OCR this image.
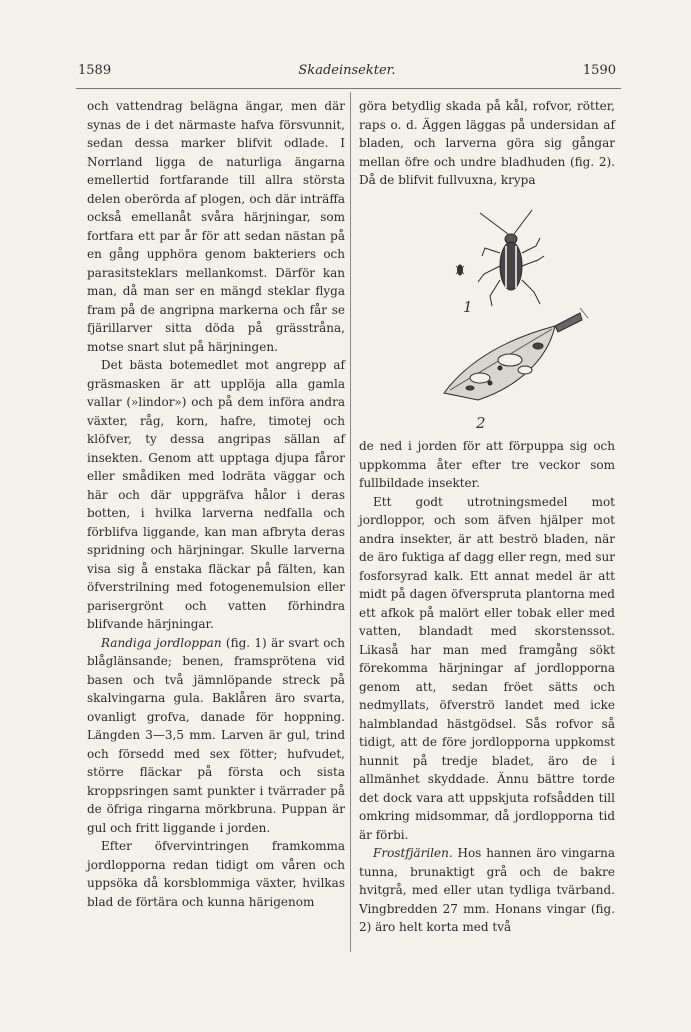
1589	Skadeinsekter.	1590

och vattendrag belägna ängar, men där synas de i det närmaste hafva försvunnit, sedan dessa marker blifvit odlade. I Norrland ligga de naturliga ängarna emellertid fortfarande till allra största delen oberörda af plogen, och där inträffa också emellanåt svåra härjningar, som fortfara ett par år för att sedan nästan på en gång upphöra genom bakteriers och parasitsteklars mellankomst. Därför kan man, då man ser en mängd steklar flyga fram på de angripna markerna och får se fjärillarver sitta döda på grässtråna, motse snart slut på härjningen.

Det bästa botemedlet mot angrepp af gräsmasken är att upplöja alla gamla vallar (»lindor») och på dem införa andra växter, råg, korn, hafre, timotej och klöfver, ty dessa angripas sällan af insekten. Genom att upptaga djupa fåror eller smådiken med lodräta väggar och här och där uppgräfva hålor i deras botten, i hvilka larverna nedfalla och förblifva liggande, kan man afbryta deras spridning och härjningar. Skulle larverna visa sig å enstaka fläckar på fälten, kan öfverstrilning med fotogenemulsion eller parisergrönt och vatten förhindra blifvande härjningar.

Randiga jordloppan (fig. 1) är svart och blåglänsande; benen, framsprötena vid basen och två jämnlöpande streck på skalvingarna gula. Baklåren äro svarta, ovanligt grofva, danade för hoppning. Längden 3—3,5 mm. Larven är gul, trind och försedd med sex fötter; hufvudet, större fläckar på första och sista kroppsringen samt punkter i tvärrader på de öfriga ringarna mörkbruna. Puppan är gul och fritt liggande i jorden.

Efter öfvervintringen framkomma jordlopporna redan tidigt om våren och uppsöka då korsblommiga växter, hvilkas blad de förtära och kunna härigenom

göra betydlig skada på kål, rofvor, rötter, raps o. d. Äggen läggas på undersidan af bladen, och larverna göra sig gångar mellan öfre och undre bladhuden (fig. 2). Då de blifvit fullvuxna, krypa

1
2

de ned i jorden för att förpuppa sig och uppkomma åter efter tre veckor som fullbildade insekter.

Ett godt utrotningsmedel mot jordloppor, och som äfven hjälper mot andra insekter, är att beströ bladen, när de äro fuktiga af dagg eller regn, med sur fosforsyrad kalk. Ett annat medel är att midt på dagen öfverspruta plantorna med ett afkok på malört eller tobak eller med vatten, blandadt med skorstenssot. Likaså har man med framgång sökt förekomma härjningar af jordlopporna genom att, sedan fröet sätts och nedmyllats, öfverströ landet med icke halmblandad hästgödsel. Sås rofvor så tidigt, att de före jordlopporna uppkomst hunnit på tredje bladet, äro de i allmänhet skyddade. Ännu bättre torde det dock vara att uppskjuta rofsådden till omkring midsommar, då jordlopporna tid är förbi.

Frostfjärilen. Hos hannen äro vingarna tunna, brunaktigt grå och de bakre hvitgrå, med eller utan tydliga tvärband. Vingbredden 27 mm. Honans vingar (fig. 2) äro helt korta med två
